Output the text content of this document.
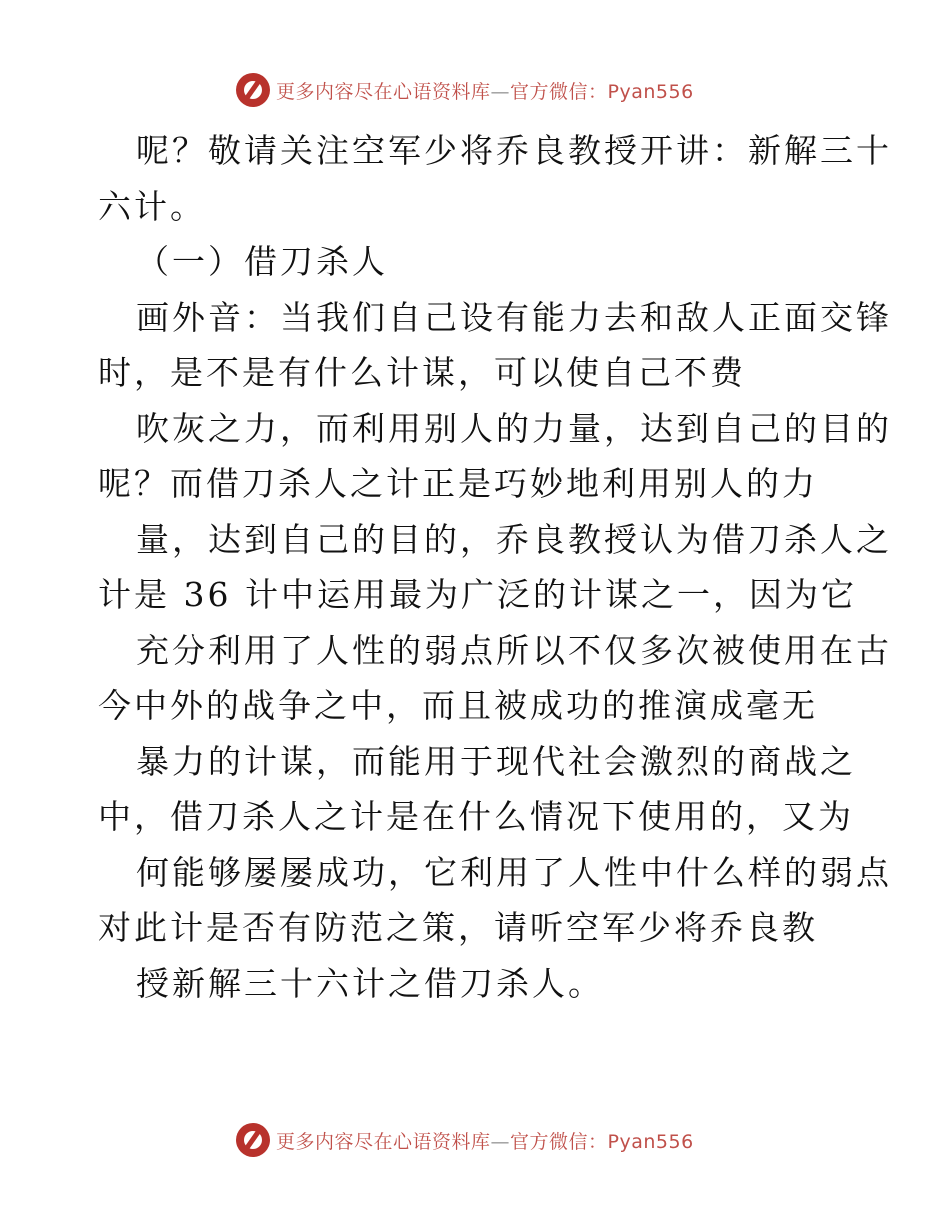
更多内容尽在心语资料库—官方微信：Pyan556
呢？敬请关注空军少将乔良教授开讲：新解三十
六计。
（一）借刀杀人
画外音：当我们自己设有能力去和敌人正面交锋
时，是不是有什么计谋，可以使自己不费
吹灰之力，而利用别人的力量，达到自己的目的
呢？而借刀杀人之计正是巧妙地利用别人的力
量，达到自己的目的，乔良教授认为借刀杀人之
计是 36 计中运用最为广泛的计谋之一，因为它
充分利用了人性的弱点所以不仅多次被使用在古
今中外的战争之中，而且被成功的推演成毫无
暴力的计谋，而能用于现代社会激烈的商战之
中，借刀杀人之计是在什么情况下使用的，又为
何能够屡屡成功，它利用了人性中什么样的弱点
对此计是否有防范之策，请听空军少将乔良教
授新解三十六计之借刀杀人。
更多内容尽在心语资料库—官方微信：Pyan556
